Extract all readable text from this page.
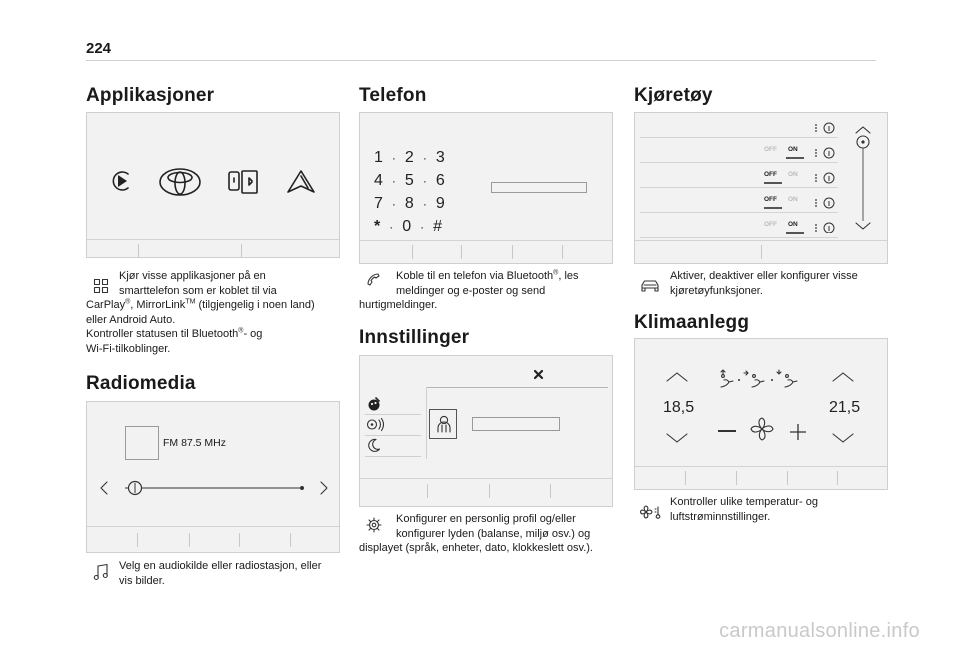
224
Applikasjoner
Kjør visse applikasjoner på en
smarttelefon som er koblet til via
CarPlay®, MirrorLink™ (tilgjengelig i noen land)
eller Android Auto.
Kontroller statusen til Bluetooth®- og
Wi-Fi-tilkoblinger.
Radiomedia
FM 87.5 MHz
Velg en audiokilde eller radiostasjon, eller
vis bilder.
Telefon
1 · 2 · 3
4 · 5 · 6
7 · 8 · 9
* · 0 · #
Koble til en telefon via Bluetooth®, les
meldinger og e-poster og send
hurtigmeldinger.
Innstillinger
Konfigurer en personlig profil og/eller
konfigurer lyden (balanse, miljø osv.) og
displayet (språk, enheter, dato, klokkeslett osv.).
Kjøretøy
OFF ON
OFF ON
OFF ON
OFF ON
Aktiver, deaktiver eller konfigurer visse
kjøretøyfunksjoner.
Klimaanlegg
18,5	21,5
Kontroller ulike temperatur- og
luftstrøminnstillinger.
carmanualsonline.info
